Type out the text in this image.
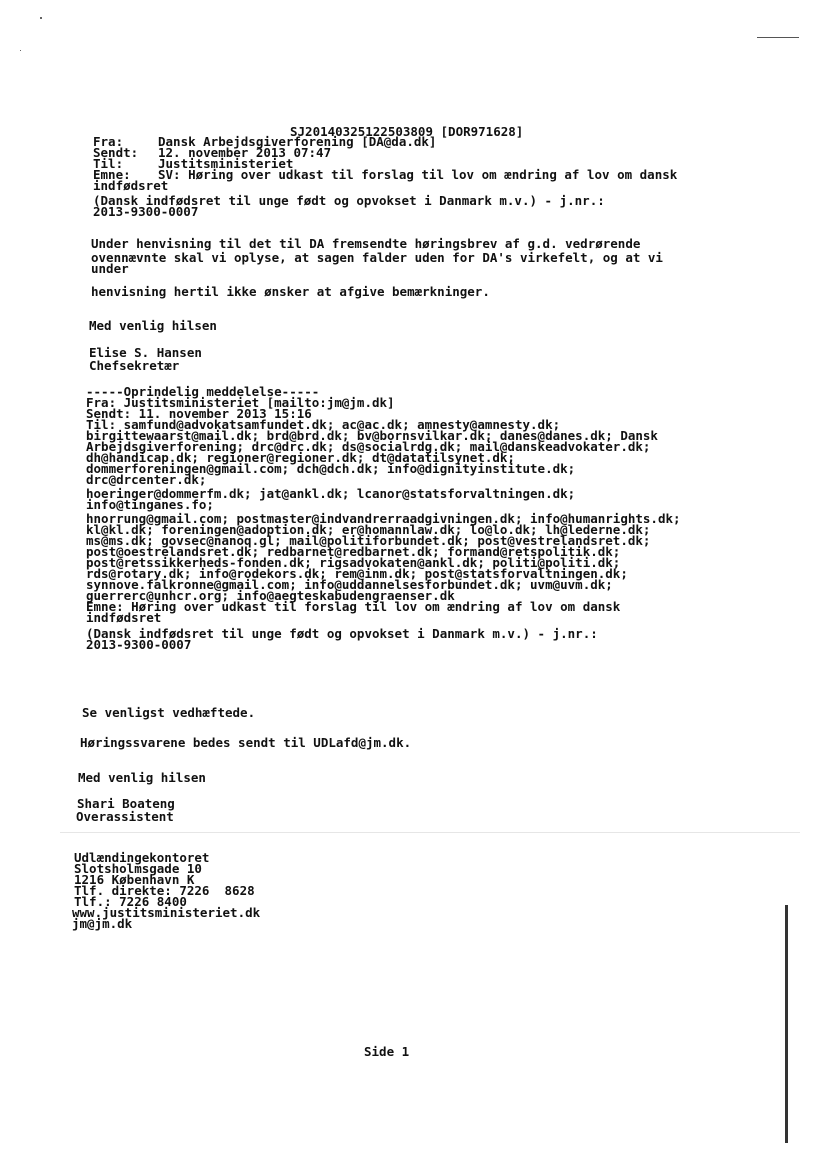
SJ20140325122503809 [DOR971628]

Fra:

	Dansk Arbejdsgiverforening [DA@da.dk]

Sendt:

12. november 2013 07:47

Til:

	Justitsministeriet

Emne:

SV: Høring over udkast til forslag til lov om ændring af lov om dansk

indfødsret

(Dansk indfødsret til unge født og opvokset i Danmark m.v.) - j.nr.:

2013-9300-0007

Under henvisning til det til DA fremsendte høringsbrev af g.d. vedrørende

ovennævnte skal vi oplyse, at sagen falder uden for DA's virkefelt, og at vi

under

henvisning hertil ikke ønsker at afgive bemærkninger.

Med venlig hilsen
Elise S. Hansen
Chefsekretær

-----Oprindelig meddelelse-----

Fra: Justitsministeriet [mailto:jm@jm.dk]

Sendt: 11. november 2013 15:16

Til: samfund@advokatsamfundet.dk; ac@ac.dk; amnesty@amnesty.dk;

birgittewaarst@mail.dk; brd@brd.dk; bv@bornsvilkar.dk; danes@danes.dk; Dansk

Arbejdsgiverforening; drc@drc.dk; ds@socialrdg.dk; mail@danskeadvokater.dk;

dh@handicap.dk; regioner@regioner.dk; dt@datatilsynet.dk;

dommerforeningen@gmail.com; dch@dch.dk; info@dignityinstitute.dk;

drc@drcenter.dk;

hoeringer@dommerfm.dk; jat@ankl.dk; lcanor@statsforvaltningen.dk;

info@tinganes.fo;

hnorrung@gmail.com; postmaster@indvandrerraadgivningen.dk; info@humanrights.dk;

kl@kl.dk; foreningen@adoption.dk; er@homannlaw.dk; lo@lo.dk; lh@lederne.dk;

ms@ms.dk; govsec@nanoq.gl; mail@politiforbundet.dk; post@vestrelandsret.dk;

post@oestrelandsret.dk; redbarnet@redbarnet.dk; formand@retspolitik.dk;

post@retssikkerheds-fonden.dk; rigsadvokaten@ankl.dk; politi@politi.dk;

rds@rotary.dk; info@rodekors.dk; rem@inm.dk; post@statsforvaltningen.dk;

synnove.falkronne@gmail.com; info@uddannelsesforbundet.dk; uvm@uvm.dk;

guerrerc@unhcr.org; info@aegteskabudengraenser.dk

Emne: Høring over udkast til forslag til lov om ændring af lov om dansk

indfødsret

(Dansk indfødsret til unge født og opvokset i Danmark m.v.) - j.nr.:

2013-9300-0007

Se venligst vedhæftede.
Høringssvarene bedes sendt til UDLafd@jm.dk.
Med venlig hilsen
Shari Boateng
Overassistent

Udlændingekontoret

Slotsholmsgade 10

1216 København K

Tlf. direkte: 7226  8628

Tlf.: 7226 8400

www.justitsministeriet.dk

jm@jm.dk

Side 1
